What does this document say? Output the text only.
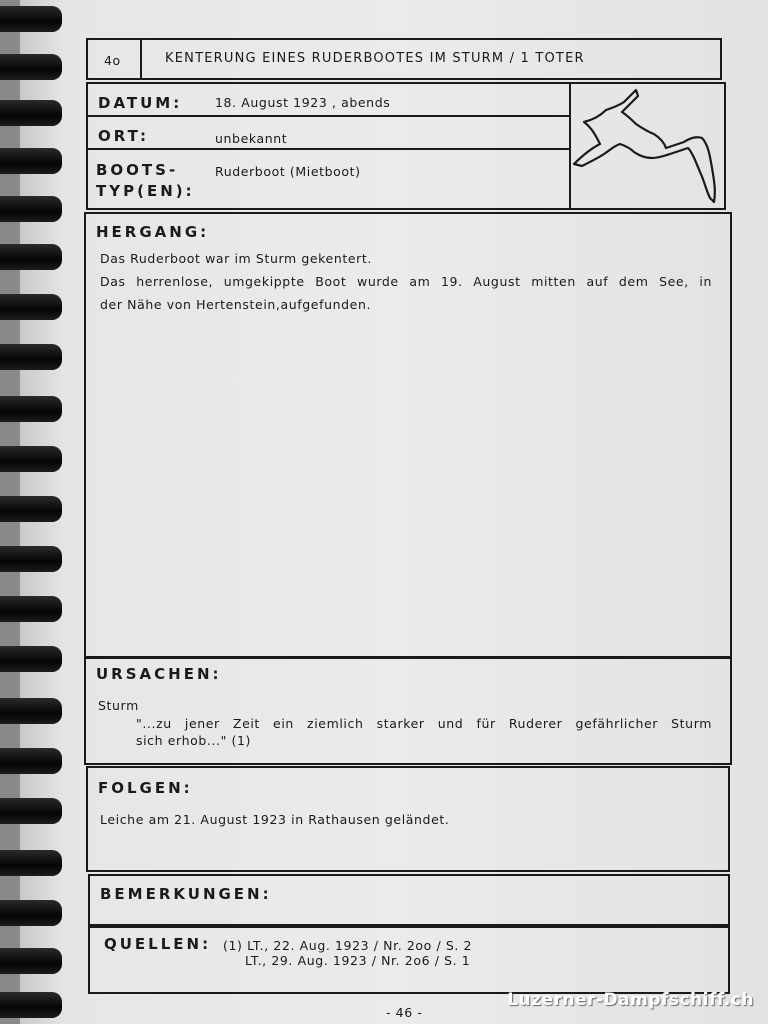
4o	KENTERUNG EINES RUDERBOOTES IM STURM / 1 TOTER
DATUM:	18. August 1923 , abends
ORT:	unbekannt
BOOTS-
TYP(EN):
Ruderboot (Mietboot)
HERGANG:
Das Ruderboot war im Sturm gekentert.
Das herrenlose, umgekippte Boot wurde am 19. August mitten auf dem See, in
der Nähe von Hertenstein,aufgefunden.
URSACHEN:
Sturm
"...zu jener Zeit ein ziemlich starker und für Ruderer gefährlicher Sturm
sich erhob..." (1)
FOLGEN:
Leiche am 21. August 1923 in Rathausen geländet.
BEMERKUNGEN:
QUELLEN: (1) LT., 22. Aug. 1923 / Nr. 2oo / S. 2
LT., 29. Aug. 1923 / Nr. 2o6 / S. 1
- 46 -
Luzerner-Dampfschiff.ch
